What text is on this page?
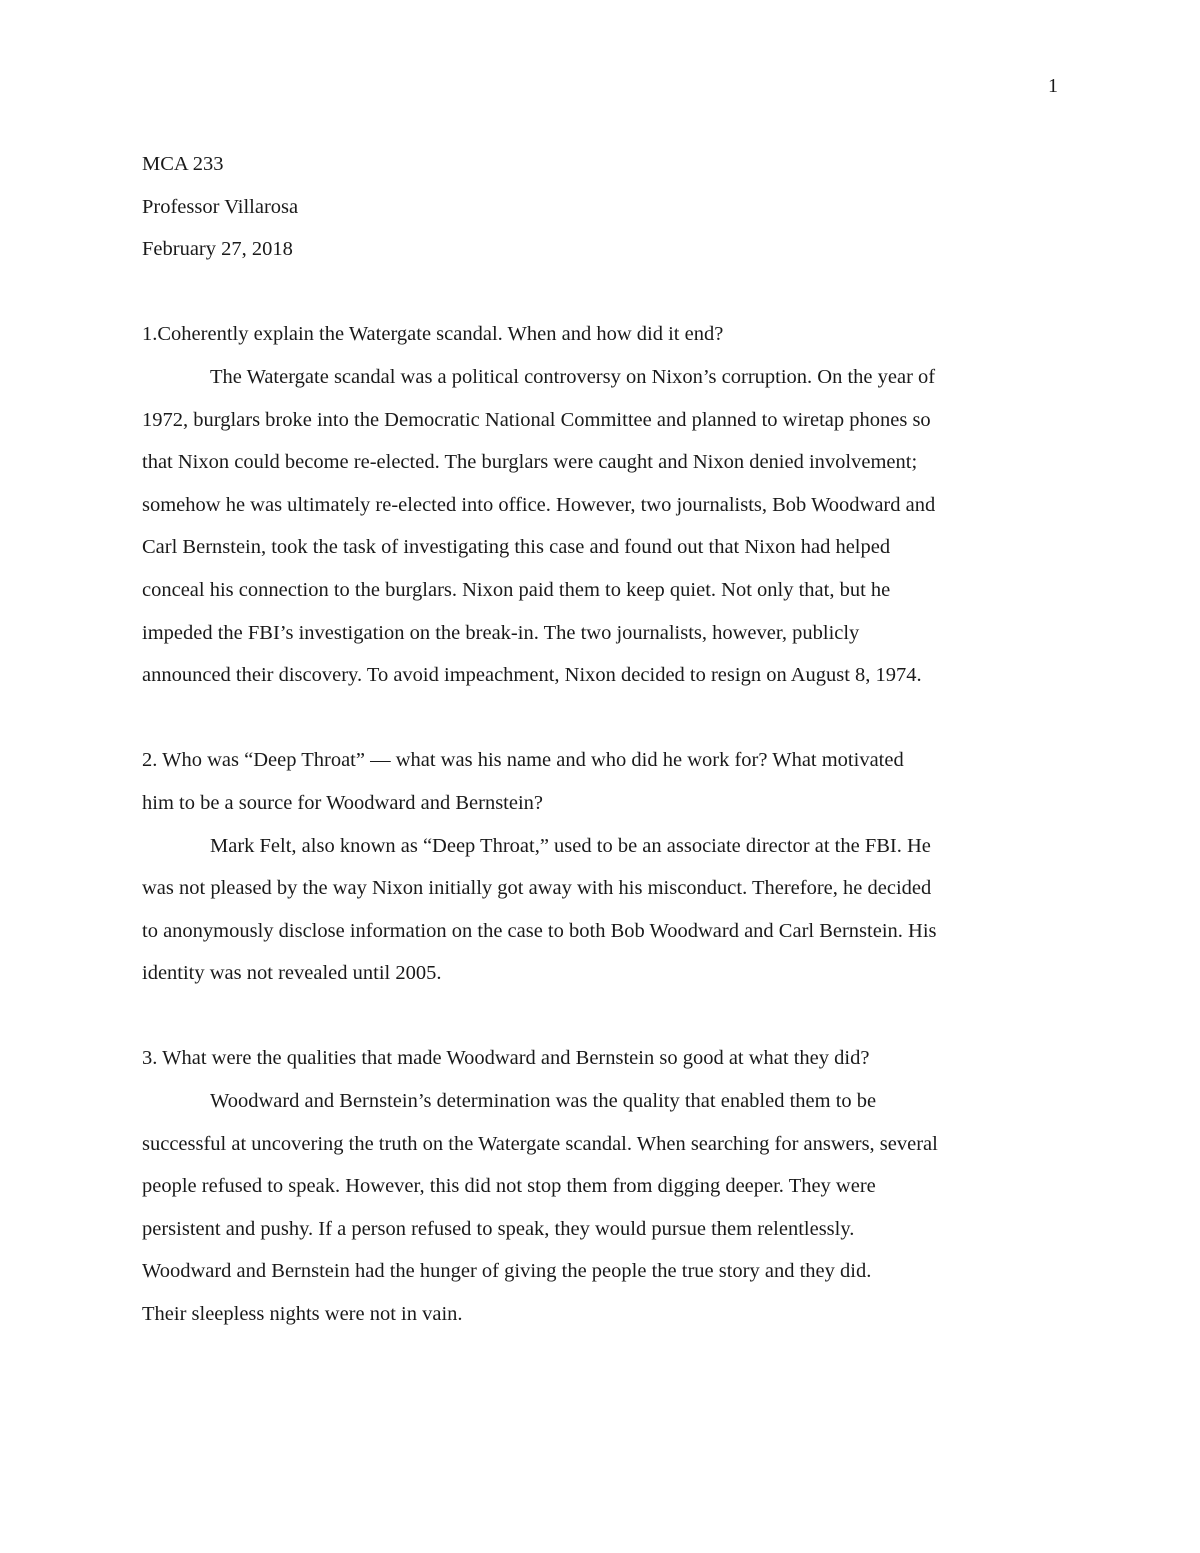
1
MCA 233
Professor Villarosa
February 27, 2018
1.Coherently explain the Watergate scandal. When and how did it end?
The Watergate scandal was a political controversy on Nixon’s corruption. On the year of
1972, burglars broke into the Democratic National Committee and planned to wiretap phones so
that Nixon could become re-elected. The burglars were caught and Nixon denied involvement;
somehow he was ultimately re-elected into office. However, two journalists, Bob Woodward and
Carl Bernstein, took the task of investigating this case and found out that Nixon had helped
conceal his connection to the burglars. Nixon paid them to keep quiet. Not only that, but he
impeded the FBI’s investigation on the break-in. The two journalists, however, publicly
announced their discovery. To avoid impeachment, Nixon decided to resign on August 8, 1974.
2. Who was “Deep Throat” — what was his name and who did he work for? What motivated
him to be a source for Woodward and Bernstein?
Mark Felt, also known as “Deep Throat,” used to be an associate director at the FBI. He
was not pleased by the way Nixon initially got away with his misconduct. Therefore, he decided
to anonymously disclose information on the case to both Bob Woodward and Carl Bernstein. His
identity was not revealed until 2005.
3. What were the qualities that made Woodward and Bernstein so good at what they did?
Woodward and Bernstein’s determination was the quality that enabled them to be
successful at uncovering the truth on the Watergate scandal. When searching for answers, several
people refused to speak. However, this did not stop them from digging deeper. They were
persistent and pushy. If a person refused to speak, they would pursue them relentlessly.
Woodward and Bernstein had the hunger of giving the people the true story and they did.
Their sleepless nights were not in vain.
